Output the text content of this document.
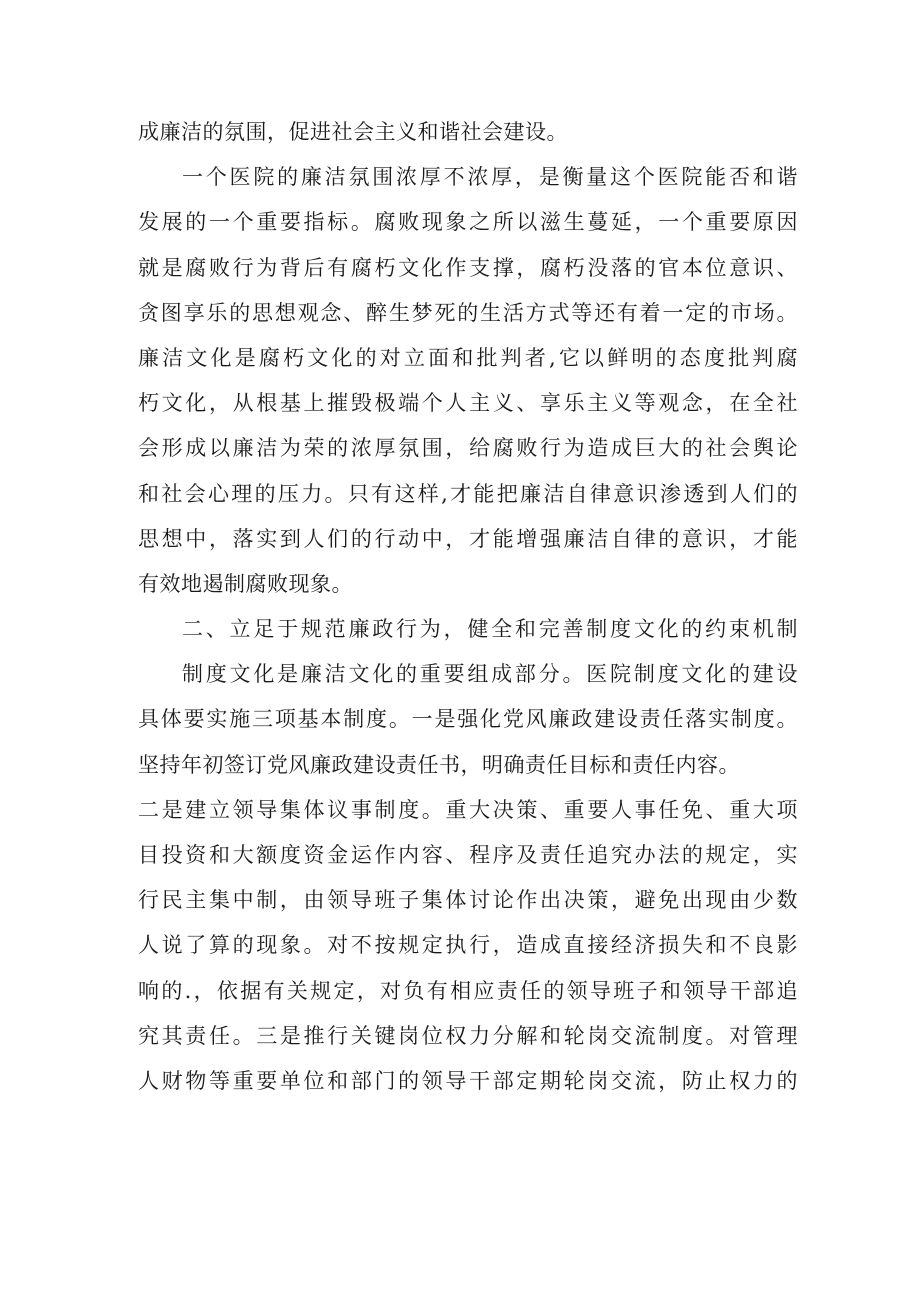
成廉洁的氛围，促进社会主义和谐社会建设。
一个医院的廉洁氛围浓厚不浓厚，是衡量这个医院能否和谐
发展的一个重要指标。腐败现象之所以滋生蔓延，一个重要原因
就是腐败行为背后有腐朽文化作支撑，腐朽没落的官本位意识、
贪图享乐的思想观念、醉生梦死的生活方式等还有着一定的市场。
廉洁文化是腐朽文化的对立面和批判者,它以鲜明的态度批判腐
朽文化，从根基上摧毁极端个人主义、享乐主义等观念，在全社
会形成以廉洁为荣的浓厚氛围，给腐败行为造成巨大的社会舆论
和社会心理的压力。只有这样,才能把廉洁自律意识渗透到人们的
思想中，落实到人们的行动中，才能增强廉洁自律的意识，才能
有效地遏制腐败现象。
二、立足于规范廉政行为，健全和完善制度文化的约束机制
制度文化是廉洁文化的重要组成部分。医院制度文化的建设
具体要实施三项基本制度。一是强化党风廉政建设责任落实制度。
坚持年初签订党风廉政建设责任书，明确责任目标和责任内容。
二是建立领导集体议事制度。重大决策、重要人事任免、重大项
目投资和大额度资金运作内容、程序及责任追究办法的规定，实
行民主集中制，由领导班子集体讨论作出决策，避免出现由少数
人说了算的现象。对不按规定执行，造成直接经济损失和不良影
响的.，依据有关规定，对负有相应责任的领导班子和领导干部追
究其责任。三是推行关键岗位权力分解和轮岗交流制度。对管理
人财物等重要单位和部门的领导干部定期轮岗交流，防止权力的
